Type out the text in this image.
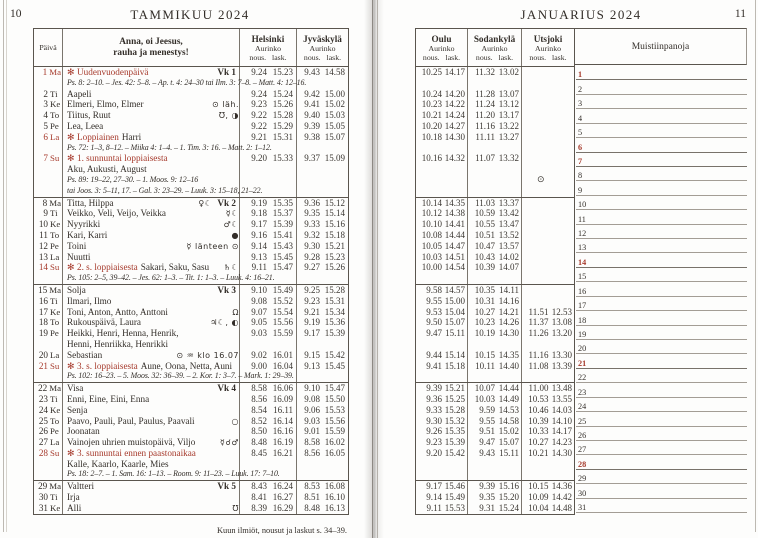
10	TAMMIKUU 2024
Päivä
Anna, oi Jeesus,
rauha ja menestys!
Helsinki
Aurinko
nous. lask.
Jyväskylä
Aurinko
nous. lask.
1 Ma ✻ Uudenvuodenpäivä	Vk 1	9.24 15.23	9.43 14.58
Ps. 8: 2–10. – Jes. 42: 5–8. – Ap. t. 4: 24–30 tai Ilm. 3: 7–8. – Matt. 4: 12–16.
2 Ti Aapeli	9.24 15.24	9.42 15.00
3 Ke Elmeri, Elmo, Elmer	⊙ läh.	9.23 15.26	9.41 15.02
4 To Tiitus, Ruut	Ʊ, ◑	9.22 15.28	9.40 15.03
5 Pe Lea, Leea	9.22 15.29	9.39 15.05
6 La ✻ Loppiainen Harri	9.21 15.31	9.38 15.07
Ps. 72: 1–3, 8–12. – Miika 4: 1–4. – 1. Tim. 3: 16. – Matt. 2: 1–12.
7 Su ✻ 1. sunnuntai loppiaisesta	9.20 15.33	9.37 15.09
Aku, Aukusti, August
Ps. 89: 19–22, 27–30. – 1. Moos. 9: 12–16
tai Joos. 3: 5–11, 17. – Gal. 3: 23–29. – Luuk. 3: 15–18, 21–22.
8 Ma Titta, Hilppa	♀☾ Vk 2	9.19 15.35	9.36 15.12
9 Ti Veikko, Veli, Veijo, Veikka	☿☾	9.18 15.37	9.35 15.14
10 Ke Nyyrikki	♂☾	9.17 15.39	9.33 15.16
11 To Kari, Karri	●	9.16 15.41	9.32 15.18
12 Pe Toini	☿ länteen ⊙	9.14 15.43	9.30 15.21
13 La Nuutti	9.13 15.45	9.28 15.23
14 Su ✻ 2. s. loppiaisesta Sakari, Saku, Sasu ♄☾	9.11 15.47	9.27 15.26
Ps. 105: 2–5, 39–42. – Jes. 62: 1–3. – Tit. 1: 1–3. – Luuk. 4: 16–21.
15 Ma Solja	Vk 3	9.10 15.49	9.25 15.28
16 Ti Ilmari, Ilmo	9.08 15.52	9.23 15.31
17 Ke Toni, Anton, Antto, Anttoni	Ω	9.07 15.54	9.21 15.34
18 To Rukouspäivä, Laura	♃☾, ◐	9.05 15.56	9.19 15.36
19 Pe Heikki, Henri, Henna, Henrik,	9.03 15.59	9.17 15.39
Henni, Henriikka, Henrikki
20 La Sebastian	⊙ ♒ klo 16.07	9.02 16.01	9.15 15.42
21 Su ✻ 3. s. loppiaisesta Aune, Oona, Netta, Auni	9.00 16.04	9.13 15.45
Ps. 102: 16–23. – 5. Moos. 32: 36–39. – 2. Kor. 1: 3–7. – Mark. 1: 29–39.
22 Ma Visa	Vk 4	8.58 16.06	9.10 15.47
23 Ti Enni, Eine, Eini, Enna	8.56 16.09	9.08 15.50
24 Ke Senja	8.54 16.11	9.06 15.53
25 To Paavo, Pauli, Paul, Paulus, Paavali	○	8.52 16.14	9.03 15.56
26 Pe Joonatan	8.50 16.16	9.01 15.59
27 La Vainojen uhrien muistopäivä, Viljo	☿☌♂	8.48 16.19	8.58 16.02
28 Su ✻ 3. sunnuntai ennen paastonaikaa	8.45 16.21	8.56 16.05
Kalle, Kaarlo, Kaarle, Mies
Ps. 18: 2–7. – 1. Sam. 16: 1–13. – Room. 9: 11–23. – Luuk. 17: 7–10.
29 Ma Valtteri	Vk 5	8.43 16.24	8.53 16.08
30 Ti Irja	8.41 16.27	8.51 16.10
31 Ke Alli	Ʊ	8.39 16.29	8.48 16.13
Kuun ilmiöt, nousut ja laskut s. 34–39.
JANUARIUS 2024	11
Oulu
Aurinko
nous. lask.
Sodankylä
Aurinko
nous. lask.
Utsjoki
Aurinko
nous. lask.
10.25 14.17	11.32 13.02
10.24 14.20	11.28 13.07
10.23 14.22	11.24 13.12
10.21 14.24	11.20 13.17
10.20 14.27	11.16 13.22
10.18 14.30	11.11 13.27
10.16 14.32	11.07 13.32
⊙
10.14 14.35	11.03 13.37
10.12 14.38	10.59 13.42
10.10 14.41	10.55 13.47
10.08 14.44	10.51 13.52
10.05 14.47	10.47 13.57
10.03 14.51	10.43 14.02
10.00 14.54	10.39 14.07
9.58 14.57	10.35 14.11
9.55 15.00	10.31 14.16
9.53 15.04	10.27 14.21	11.51 12.53
9.50 15.07	10.23 14.26	11.37 13.08
9.47 15.11	10.19 14.30	11.26 13.20
9.44 15.14	10.15 14.35	11.16 13.30
9.41 15.18	10.11 14.40	11.08 13.39
9.39 15.21	10.07 14.44	11.00 13.48
9.36 15.25	10.03 14.49	10.53 13.55
9.33 15.28	9.59 14.53	10.46 14.03
9.30 15.32	9.55 14.58	10.39 14.10
9.26 15.35	9.51 15.02	10.33 14.17
9.23 15.39	9.47 15.07	10.27 14.23
9.20 15.42	9.43 15.11	10.21 14.30
9.17 15.46	9.39 15.16	10.15 14.36
9.14 15.49	9.35 15.20	10.09 14.42
9.11 15.53	9.31 15.24	10.04 14.48
Muistiinpanoja
1
2
3
4
5
6
7
8
9
10
11
12
13
14
15
16
17
18
19
20
21
22
23
24
25
26
27
28
29
30
31
